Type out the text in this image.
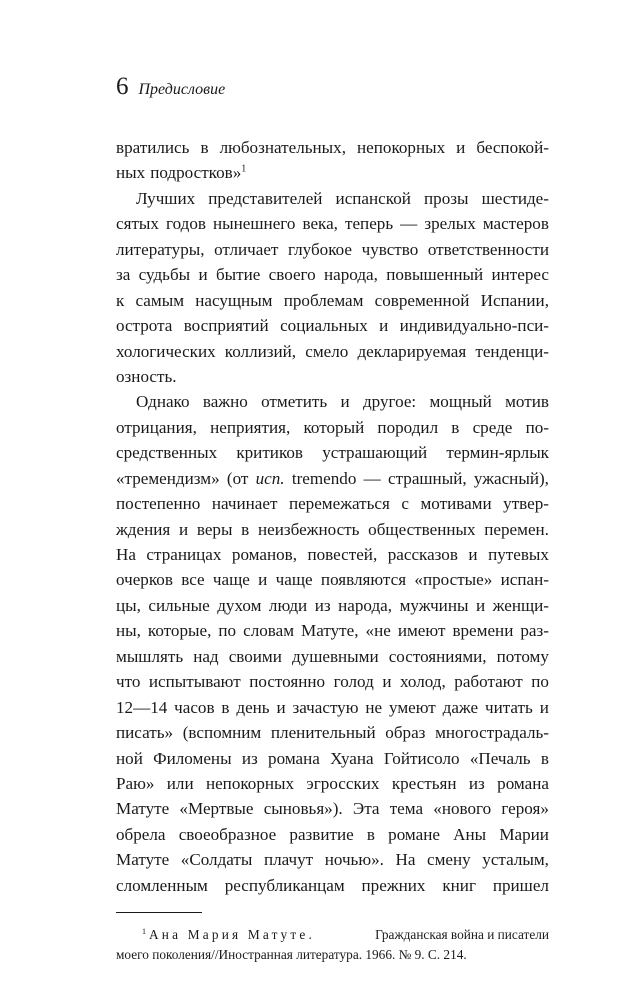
6 Предисловие
вратились в любознательных, непокорных и беспокой-
ных подростков»$^1$
Лучших представителей испанской прозы шестиде-
сятых годов нынешнего века, теперь — зрелых мастеров
литературы, отличает глубокое чувство ответственности
за судьбы и бытие своего народа, повышенный интерес
к самым насущным проблемам современной Испании,
острота восприятий социальных и индивидуально-пси-
хологических коллизий, смело декларируемая тенденци-
озность.
Однако важно отметить и другое: мощный мотив
отрицания, неприятия, который породил в среде по-
средственных критиков устрашающий термин-ярлык
«тремендизм» (от исп. tremendo — страшный, ужасный),
постепенно начинает перемежаться с мотивами утвер-
ждения и веры в неизбежность общественных перемен.
На страницах романов, повестей, рассказов и путевых
очерков все чаще и чаще появляются «простые» испан-
цы, сильные духом люди из народа, мужчины и женщи-
ны, которые, по словам Матуте, «не имеют времени раз-
мышлять над своими душевными состояниями, потому
что испытывают постоянно голод и холод, работают по
12—14 часов в день и зачастую не умеют даже читать и
писать» (вспомним пленительный образ многострадаль-
ной Филомены из романа Хуана Гойтисоло «Печаль в
Раю» или непокорных эгросских крестьян из романа
Матуте «Мертвые сыновья»). Эта тема «нового героя»
обрела своеобразное развитие в романе Аны Марии
Матуте «Солдаты плачут ночью». На смену усталым,
сломленным республиканцам прежних книг пришел
$^1$ Ана Мария Матуте.	Гражданская война и писатели
моего поколения//Иностранная литература. 1966. № 9. С. 214.
